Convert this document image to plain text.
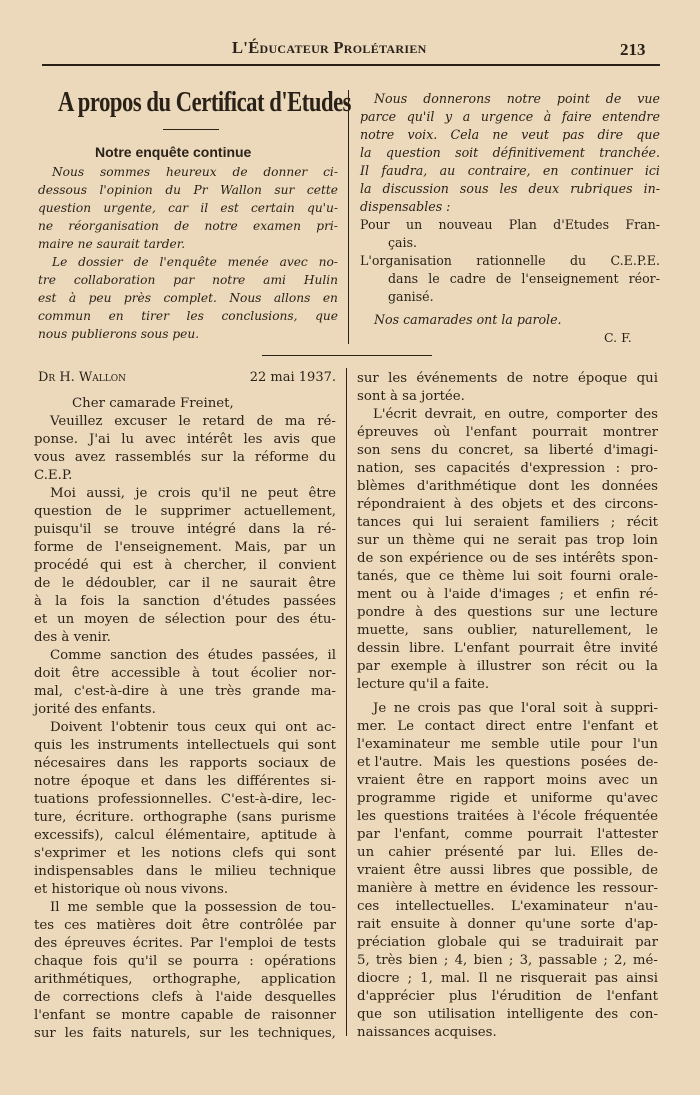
L'Éducateur Prolétarien	213
A propos du Certificat d'Etudes
Notre enquête continue
Nous sommes heureux de donner ci-
dessous l'opinion du Pr Wallon sur cette
question urgente, car il est certain qu'u-
ne réorganisation de notre examen pri-
maire ne saurait tarder.
Le dossier de l'enquête menée avec no-
tre collaboration par notre ami Hulin
est à peu près complet. Nous allons en
commun en tirer les conclusions, que
nous publierons sous peu.
Nous donnerons notre point de vue
parce qu'il y a urgence à faire entendre
notre voix. Cela ne veut pas dire que
la question soit définitivement tranchée.
Il faudra, au contraire, en continuer ici
la discussion sous les deux rubriques in-
dispensables :
Pour un nouveau Plan d'Etudes Fran-
çais.
L'organisation rationnelle du C.E.P.E.
dans le cadre de l'enseignement réor-
ganisé.
Nos camarades ont la parole.
C. F.
Dr H. Wallon	22 mai 1937.
Cher camarade Freinet,
Veuillez excuser le retard de ma ré-
ponse. J'ai lu avec intérêt les avis que
vous avez rassemblés sur la réforme du
C.E.P.
Moi aussi, je crois qu'il ne peut être
question de le supprimer actuellement,
puisqu'il se trouve intégré dans la ré-
forme de l'enseignement. Mais, par un
procédé qui est à chercher, il convient
de le dédoubler, car il ne saurait être
à la fois la sanction d'études passées
et un moyen de sélection pour des étu-
des à venir.
Comme sanction des études passées, il
doit être accessible à tout écolier nor-
mal, c'est-à-dire à une très grande ma-
jorité des enfants.
Doivent l'obtenir tous ceux qui ont ac-
quis les instruments intellectuels qui sont
nécesaires dans les rapports sociaux de
notre époque et dans les différentes si-
tuations professionnelles. C'est-à-dire, lec-
ture, écriture. orthographe (sans purisme
excessifs), calcul élémentaire, aptitude à
s'exprimer et les notions clefs qui sont
indispensables dans le milieu technique
et historique où nous vivons.
Il me semble que la possession de tou-
tes ces matières doit être contrôlée par
des épreuves écrites. Par l'emploi de tests
chaque fois qu'il se pourra : opérations
arithmétiques, orthographe, application
de corrections clefs à l'aide desquelles
l'enfant se montre capable de raisonner
sur les faits naturels, sur les techniques,
sur les événements de notre époque qui
sont à sa jortée.
L'écrit devrait, en outre, comporter des
épreuves où l'enfant pourrait montrer
son sens du concret, sa liberté d'imagi-
nation, ses capacités d'expression : pro-
blèmes d'arithmétique dont les données
répondraient à des objets et des circons-
tances qui lui seraient familiers ; récit
sur un thème qui ne serait pas trop loin
de son expérience ou de ses intérêts spon-
tanés, que ce thème lui soit fourni orale-
ment ou à l'aide d'images ; et enfin ré-
pondre à des questions sur une lecture
muette, sans oublier, naturellement, le
dessin libre. L'enfant pourrait être invité
par exemple à illustrer son récit ou la
lecture qu'il a faite.
Je ne crois pas que l'oral soit à suppri-
mer. Le contact direct entre l'enfant et
l'examinateur me semble utile pour l'un
et l'autre. Mais les questions posées de-
vraient être en rapport moins avec un
programme rigide et uniforme qu'avec
les questions traitées à l'école fréquentée
par l'enfant, comme pourrait l'attester
un cahier présenté par lui. Elles de-
vraient être aussi libres que possible, de
manière à mettre en évidence les ressour-
ces intellectuelles. L'examinateur n'au-
rait ensuite à donner qu'une sorte d'ap-
préciation globale qui se traduirait par
5, très bien ; 4, bien ; 3, passable ; 2, mé-
diocre ; 1, mal. Il ne risquerait pas ainsi
d'apprécier plus l'érudition de l'enfant
que son utilisation intelligente des con-
naissances acquises.
